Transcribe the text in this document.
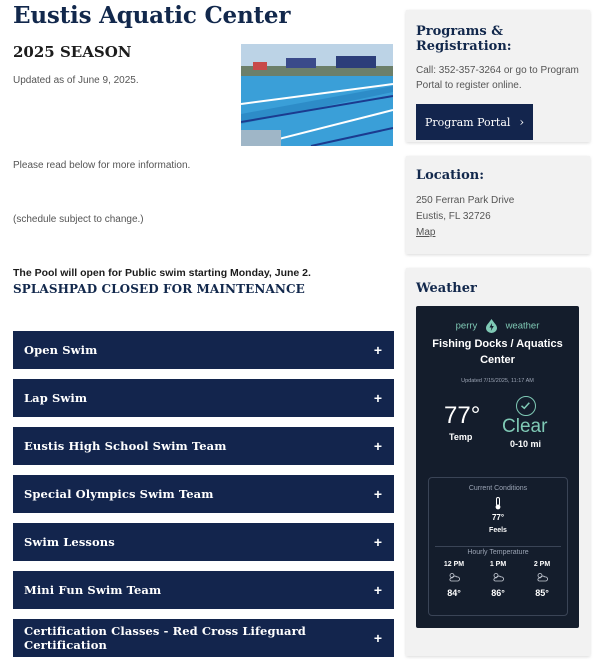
Eustis Aquatic Center
2025 SEASON
Updated as of June 9, 2025.
Please read below for more information.
(schedule subject to change.)
The Pool will open for Public swim starting Monday, June 2.
SPLASHPAD CLOSED FOR MAINTENANCE
Open Swim	+
Lap Swim	+
Eustis High School Swim Team	+
Special Olympics Swim Team	+
Swim Lessons	+
Mini Fun Swim Team	+
Certification Classes - Red Cross Lifeguard Certification	+
Programs & Registration:
Call: 352-357-3264 or go to Program Portal to register online.
Program Portal ›
Location:
250 Ferran Park Drive
Eustis, FL 32726
Map
Weather
perry	weather
Fishing Docks / Aquatics Center
Updated 7/15/2025, 11:17 AM
77°
Temp Clear
0-10 mi
Current Conditions
77°
Feels
Hourly Temperature
12 PM
84°
1 PM
86°
2 PM
85°
